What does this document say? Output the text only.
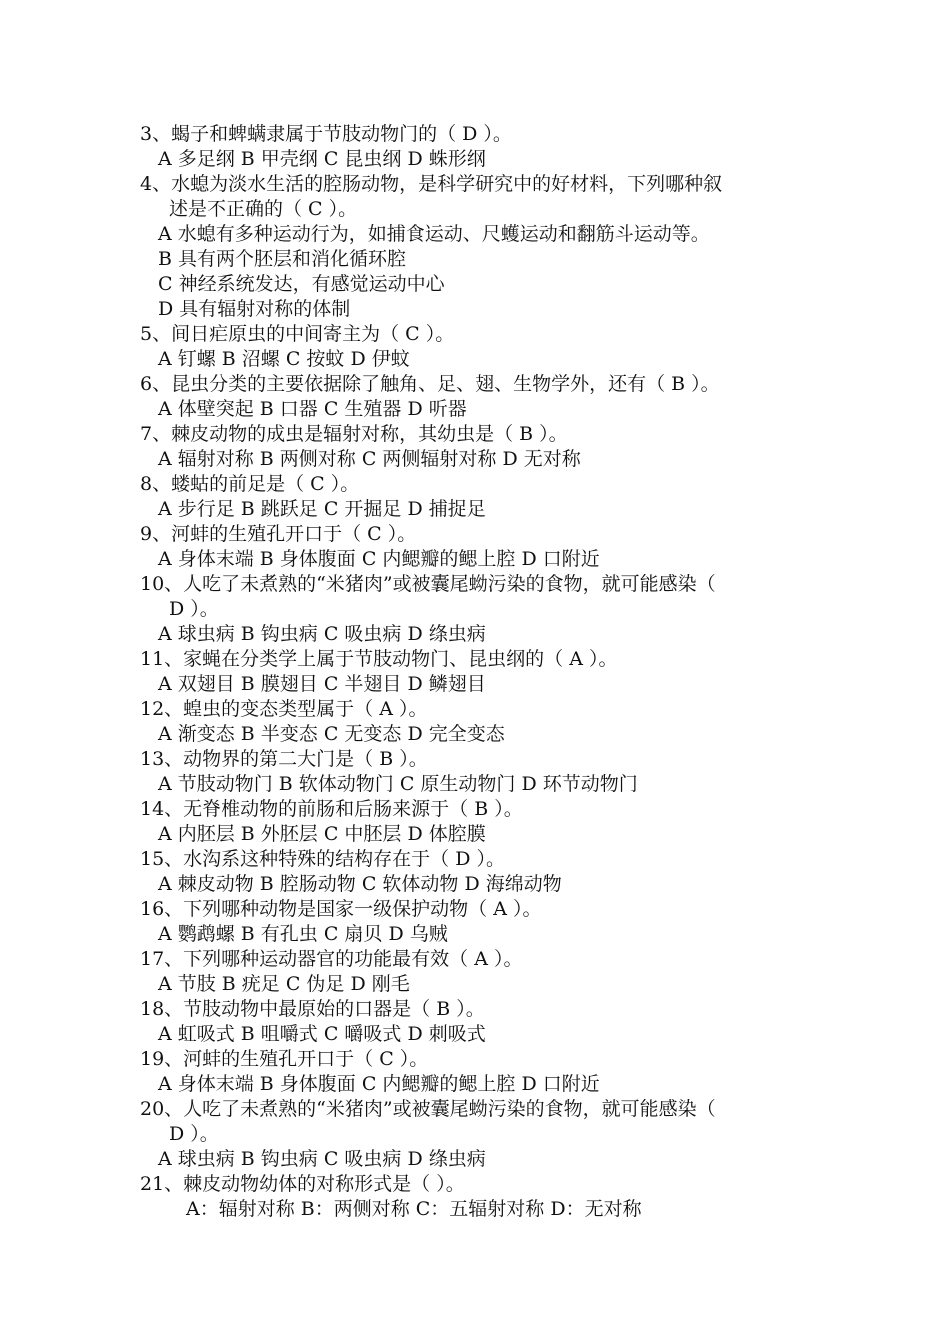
3、蝎子和蜱螨隶属于节肢动物门的（ D ）。
A 多足纲 B 甲壳纲 C 昆虫纲 D 蛛形纲
4、水螅为淡水生活的腔肠动物，是科学研究中的好材料，下列哪种叙
述是不正确的（ C ）。
A 水螅有多种运动行为，如捕食运动、尺蠖运动和翻筋斗运动等。
B 具有两个胚层和消化循环腔
C 神经系统发达，有感觉运动中心
D 具有辐射对称的体制
5、间日疟原虫的中间寄主为（ C ）。
A 钉螺 B 沼螺 C 按蚊 D 伊蚊
6、昆虫分类的主要依据除了触角、足、翅、生物学外，还有（ B ）。
A 体壁突起 B 口器 C 生殖器 D 听器
7、棘皮动物的成虫是辐射对称，其幼虫是（ B ）。
A 辐射对称 B 两侧对称 C 两侧辐射对称 D 无对称
8、蝼蛄的前足是（ C ）。
A 步行足 B 跳跃足 C 开掘足 D 捕捉足
9、河蚌的生殖孔开口于（ C ）。
A 身体末端 B 身体腹面 C 内鳃瓣的鳃上腔 D 口附近
10、人吃了未煮熟的“米猪肉”或被囊尾蚴污染的食物，就可能感染（
D ）。
A 球虫病 B 钩虫病 C 吸虫病 D 绦虫病
11、家蝇在分类学上属于节肢动物门、昆虫纲的（ A ）。
A 双翅目 B 膜翅目 C 半翅目 D 鳞翅目
12、蝗虫的变态类型属于（ A ）。
A 渐变态 B 半变态 C 无变态 D 完全变态
13、动物界的第二大门是（ B ）。
A 节肢动物门 B 软体动物门 C 原生动物门 D 环节动物门
14、无脊椎动物的前肠和后肠来源于（ B ）。
A 内胚层 B 外胚层 C 中胚层 D 体腔膜
15、水沟系这种特殊的结构存在于（ D ）。
A 棘皮动物 B 腔肠动物 C 软体动物 D 海绵动物
16、下列哪种动物是国家一级保护动物（ A ）。
A 鹦鹉螺 B 有孔虫 C 扇贝 D 乌贼
17、下列哪种运动器官的功能最有效（ A ）。
A 节肢 B 疣足 C 伪足 D 刚毛
18、节肢动物中最原始的口器是（ B ）。
A 虹吸式 B 咀嚼式 C 嚼吸式 D 刺吸式
19、河蚌的生殖孔开口于（ C ）。
A 身体末端 B 身体腹面 C 内鳃瓣的鳃上腔 D 口附近
20、人吃了未煮熟的“米猪肉”或被囊尾蚴污染的食物，就可能感染（
D ）。
A 球虫病 B 钩虫病 C 吸虫病 D 绦虫病
21、棘皮动物幼体的对称形式是（ ）。
A：辐射对称 B：两侧对称 C：五辐射对称 D：无对称
